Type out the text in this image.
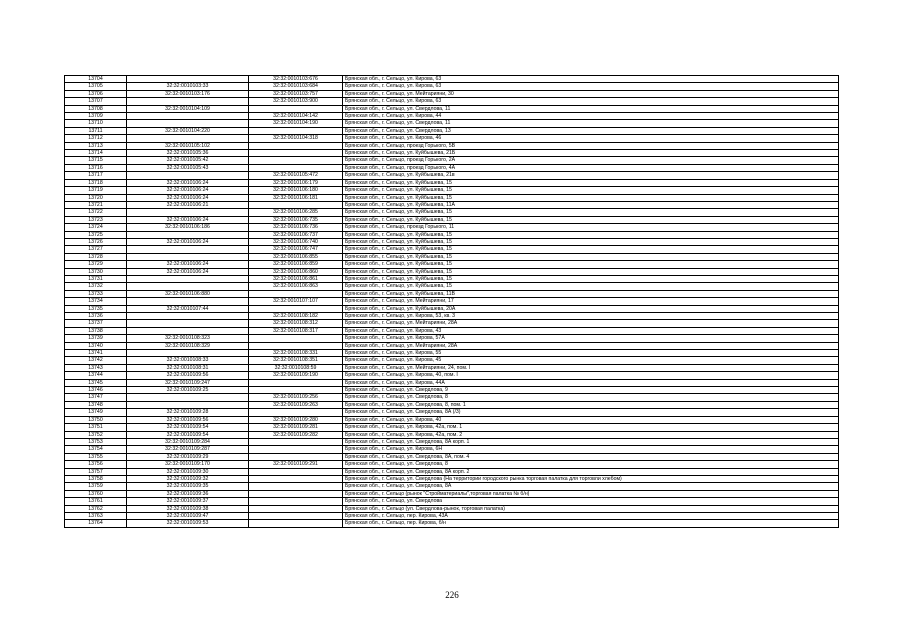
13704		32:32:0010103:676	Брянская обл., г. Сельцо, ул. Кирова, 63
13705	32:32:0010103:33	32:32:0010103:684	Брянская обл., г. Сельцо, ул. Кирова, 63
13706	32:32:0010103:176	32:32:0010103:757	Брянская обл., г. Сельцо, ул. Мейтарияни, 30
13707		32:32:0010103:900	Брянская обл., г. Сельцо, ул. Кирова, 63
13708	32:32:0010104:109		Брянская обл., г. Сельцо, ул. Свердлова, 11
13709		32:32:0010104:142	Брянская обл., г. Сельцо, ул. Кирова, 44
13710		32:32:0010104:190	Брянская обл., г. Сельцо, ул. Свердлова, 11
13711	32:32:0010104:220		Брянская обл., г. Сельцо, ул. Свердлова, 13
13712		32:32:0010104:318	Брянская обл., г. Сельцо, ул. Кирова, 46
13713	32:32:0010105:102		Брянская обл., г. Сельцо, проезд Горького, 5В
13714	32:32:0010105:36		Брянская обл., г. Сельцо, ул. Куйбышева, 21Б
13715	32:32:0010105:42		Брянская обл., г. Сельцо, проезд Горького, 2А
13716	32:32:0010105:43		Брянская обл., г. Сельцо, проезд Горького, 4А
13717		32:32:0010105:472	Брянская обл., г. Сельцо, ул. Куйбышева, 21в
13718	32:32:0010106:24	32:32:0010106:179	Брянская обл., г. Сельцо, ул. Куйбышева, 15
13719	32:32:0010106:24	32:32:0010106:180	Брянская обл., г. Сельцо, ул. Куйбышева, 15
13720	32:32:0010106:24	32:32:0010106:181	Брянская обл., г. Сельцо, ул. Куйбышева, 15
13721	32:32:0010106:21		Брянская обл., г. Сельцо, ул. Куйбышева, 11А
13722		32:32:0010106:285	Брянская обл., г. Сельцо, ул. Куйбышева, 15
13723	32:32:0010106:24	32:32:0010106:735	Брянская обл., г. Сельцо, ул. Куйбышева, 15
13724	32:32:0010106:186	32:32:0010106:736	Брянская обл., г. Сельцо, проезд Горького, 11
13725		32:32:0010106:737	Брянская обл., г. Сельцо, ул. Куйбышева, 15
13726	32:32:0010106:24	32:32:0010106:740	Брянская обл., г. Сельцо, ул. Куйбышева, 15
13727		32:32:0010106:747	Брянская обл., г. Сельцо, ул. Куйбышева, 15
13728		32:32:0010106:855	Брянская обл., г. Сельцо, ул. Куйбышева, 15
13729	32:32:0010106:24	32:32:0010106:859	Брянская обл., г. Сельцо, ул. Куйбышева, 15
13730	32:32:0010106:24	32:32:0010106:860	Брянская обл., г. Сельцо, ул. Куйбышева, 15
13731		32:32:0010106:861	Брянская обл., г. Сельцо, ул. Куйбышева, 15
13732		32:32:0010106:863	Брянская обл., г. Сельцо, ул. Куйбышева, 15
13733	32:32:0010106:880		Брянская обл., г. Сельцо, ул. Куйбышева, 11В
13734		32:32:0010107:107	Брянская обл., г. Сельцо, ул. Мейтарияни, 17
13735	32:32:0010107:44		Брянская обл., г. Сельцо, ул. Куйбышева, 20А
13736		32:32:0010108:182	Брянская обл., г. Сельцо, ул. Кирова, 53, кв. 3
13737		32:32:0010108:312	Брянская обл., г. Сельцо, ул. Мейтарияни, 28А
13738		32:32:0010108:317	Брянская обл., г. Сельцо, ул. Кирова, 43
13739	32:32:0010108:323		Брянская обл., г. Сельцо, ул. Кирова, 57А
13740	32:32:0010108:329		Брянская обл., г. Сельцо, ул. Мейтарияни, 28А
13741		32:32:0010108:331	Брянская обл., г. Сельцо, ул. Кирова, 55
13742	32:32:0010108:33	32:32:0010108:351	Брянская обл., г. Сельцо, ул. Кирова, 45
13743	32:32:0010108:31	32:32:0010108:59	Брянская обл., г. Сельцо, ул. Мейтарияни, 24, пом. I
13744	32:32:0010109:56	32:32:0010109:190	Брянская обл., г. Сельцо, ул. Кирова, 40, пом. I
13745	32:32:0010109:247		Брянская обл., г. Сельцо, ул. Кирова, 44А
13746	32:32:0010109:25		Брянская обл., г. Сельцо, ул. Свердлова, 9
13747		32:32:0010109:256	Брянская обл., г. Сельцо, ул. Свердлова, 8
13748		32:32:0010109:263	Брянская обл., г. Сельцо, ул. Свердлова, 8, пом. 1
13749	32:32:0010109:28		Брянская обл., г. Сельцо, ул. Свердлова, 8А (/3)
13750	32:32:0010109:56	32:32:0010109:280	Брянская обл., г. Сельцо, ул. Кирова, 40
13751	32:32:0010109:54	32:32:0010109:281	Брянская обл., г. Сельцо, ул. Кирова, 42а, пом. 1
13752	32:32:0010109:54	32:32:0010109:282	Брянская обл., г. Сельцо, ул. Кирова, 42а, пом. 2
13753	32:32:0010109:284		Брянская обл., г. Сельцо, ул. Свердлова, 8А корп. 1
13754	32:32:0010109:287		Брянская обл., г. Сельцо, ул. Кирова, 6Н
13755	32:32:0010109:29		Брянская обл., г. Сельцо, ул. Свердлова, 8А, пом. 4
13756	32:32:0010109:170	32:32:0010109:291	Брянская обл., г. Сельцо, ул. Свердлова, 8
13757	32:32:0010109:30		Брянская обл., г. Сельцо, ул. Свердлова, 8А корп. 2
13758	32:32:0010109:32		Брянская обл., г. Сельцо, ул. Свердлова (На территории городского рынка торговая палатка для торговли хлебом)
13759	32:32:0010109:35		Брянская обл., г. Сельцо, ул. Свердлова, 8А
13760	32:32:0010109:36		Брянская обл., г. Сельцо (рынок "Стройматериалы",торговая палатка № б/н)
13761	32:32:0010109:37		Брянская обл., г. Сельцо, ул. Свердлова
13762	32:32:0010109:38		Брянская обл., г. Сельцо (ул. Свердлова-рынок, торговая палатка)
13763	32:32:0010109:47		Брянская обл., г. Сельцо, пер. Кирова, 43А
13764	32:32:0010109:53		Брянская обл., г. Сельцо, пер. Кирова, б/н
226
